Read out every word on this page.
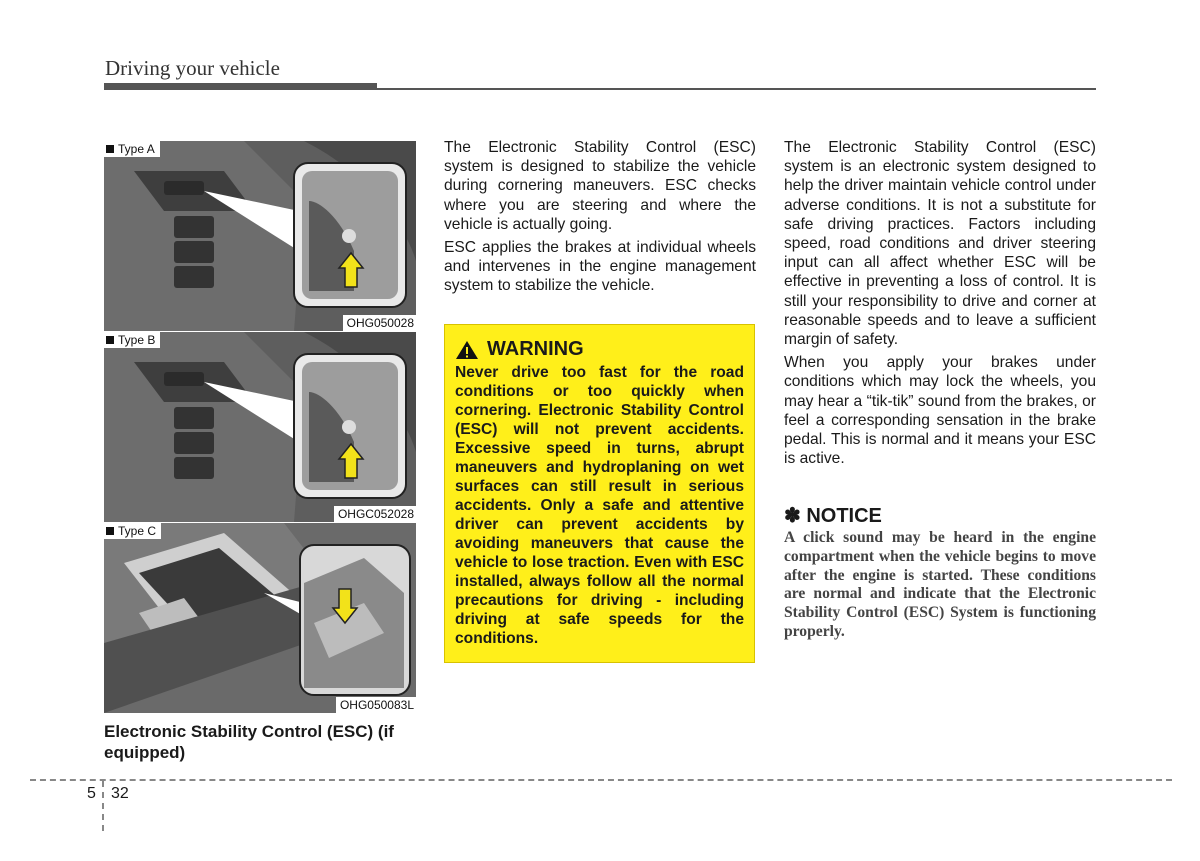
Driving your vehicle
Type A
OHG050028
Type B
OHGC052028
Type C
OHG050083L
Electronic Stability Control (ESC) (if equipped)

The Electronic Stability Control (ESC) system is designed to stabilize the vehicle during cornering maneuvers. ESC checks where you are steering and where the vehicle is actually going.

ESC applies the brakes at individual wheels and intervenes in the engine management system to stabilize the vehicle.

WARNING
Never drive too fast for the road conditions or too quickly when cornering. Electronic Stability Control (ESC) will not prevent accidents. Excessive speed in turns, abrupt maneuvers and hydroplaning on wet surfaces can still result in serious accidents. Only a safe and attentive driver can prevent accidents by avoiding maneuvers that cause the vehicle to lose traction. Even with ESC installed, always follow all the normal precautions for driving - including driving at safe speeds for the conditions.

The Electronic Stability Control (ESC) system is an electronic system designed to help the driver maintain vehicle control under adverse conditions. It is not a substitute for safe driving practices. Factors including speed, road conditions and driver steering input can all affect whether ESC will be effective in preventing a loss of control. It is still your responsibility to drive and corner at reasonable speeds and to leave a sufficient margin of safety.

When you apply your brakes under conditions which may lock the wheels, you may hear a “tik-tik” sound from the brakes, or feel a corresponding sensation in the brake pedal. This is normal and it means your ESC is active.

✽ NOTICE
A click sound may be heard in the engine compartment when the vehicle begins to move after the engine is started. These conditions are normal and indicate that the Electronic Stability Control (ESC) System is functioning properly.
5 32
